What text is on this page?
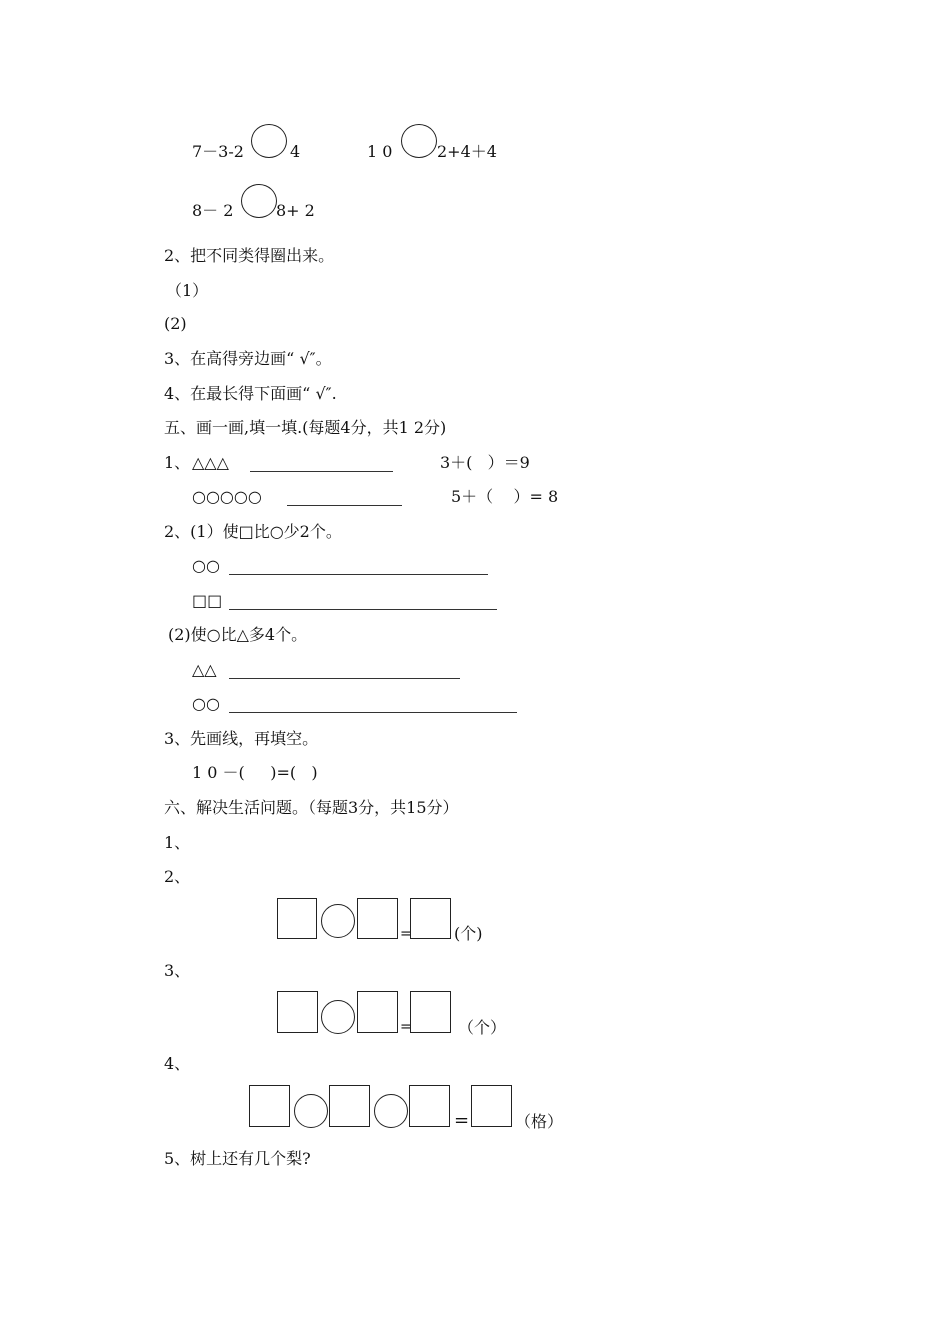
7－3-2	4	1 0	2+4＋4
8－ 2	8+ 2
2、把不同类得圈出来。
（1）
(2)
3、在高得旁边画“ √″。
4、在最长得下面画“ √″.
五、画一画,填一填.(每题4分，共1 2分)
1、 △△△	3＋(   ）＝9
○○○○○	5＋（    ）= 8
2、(1）使□比○少2个。
○○
□□
(2)使○比△多4个。
△△
○○
3、先画线，再填空。
1 0 －(     )=(   )
六、解决生活问题。（每题3分，共15分）
1、
2、
=	(个)
3、
=	（个）
4、
=	（格）
5、树上还有几个梨?
